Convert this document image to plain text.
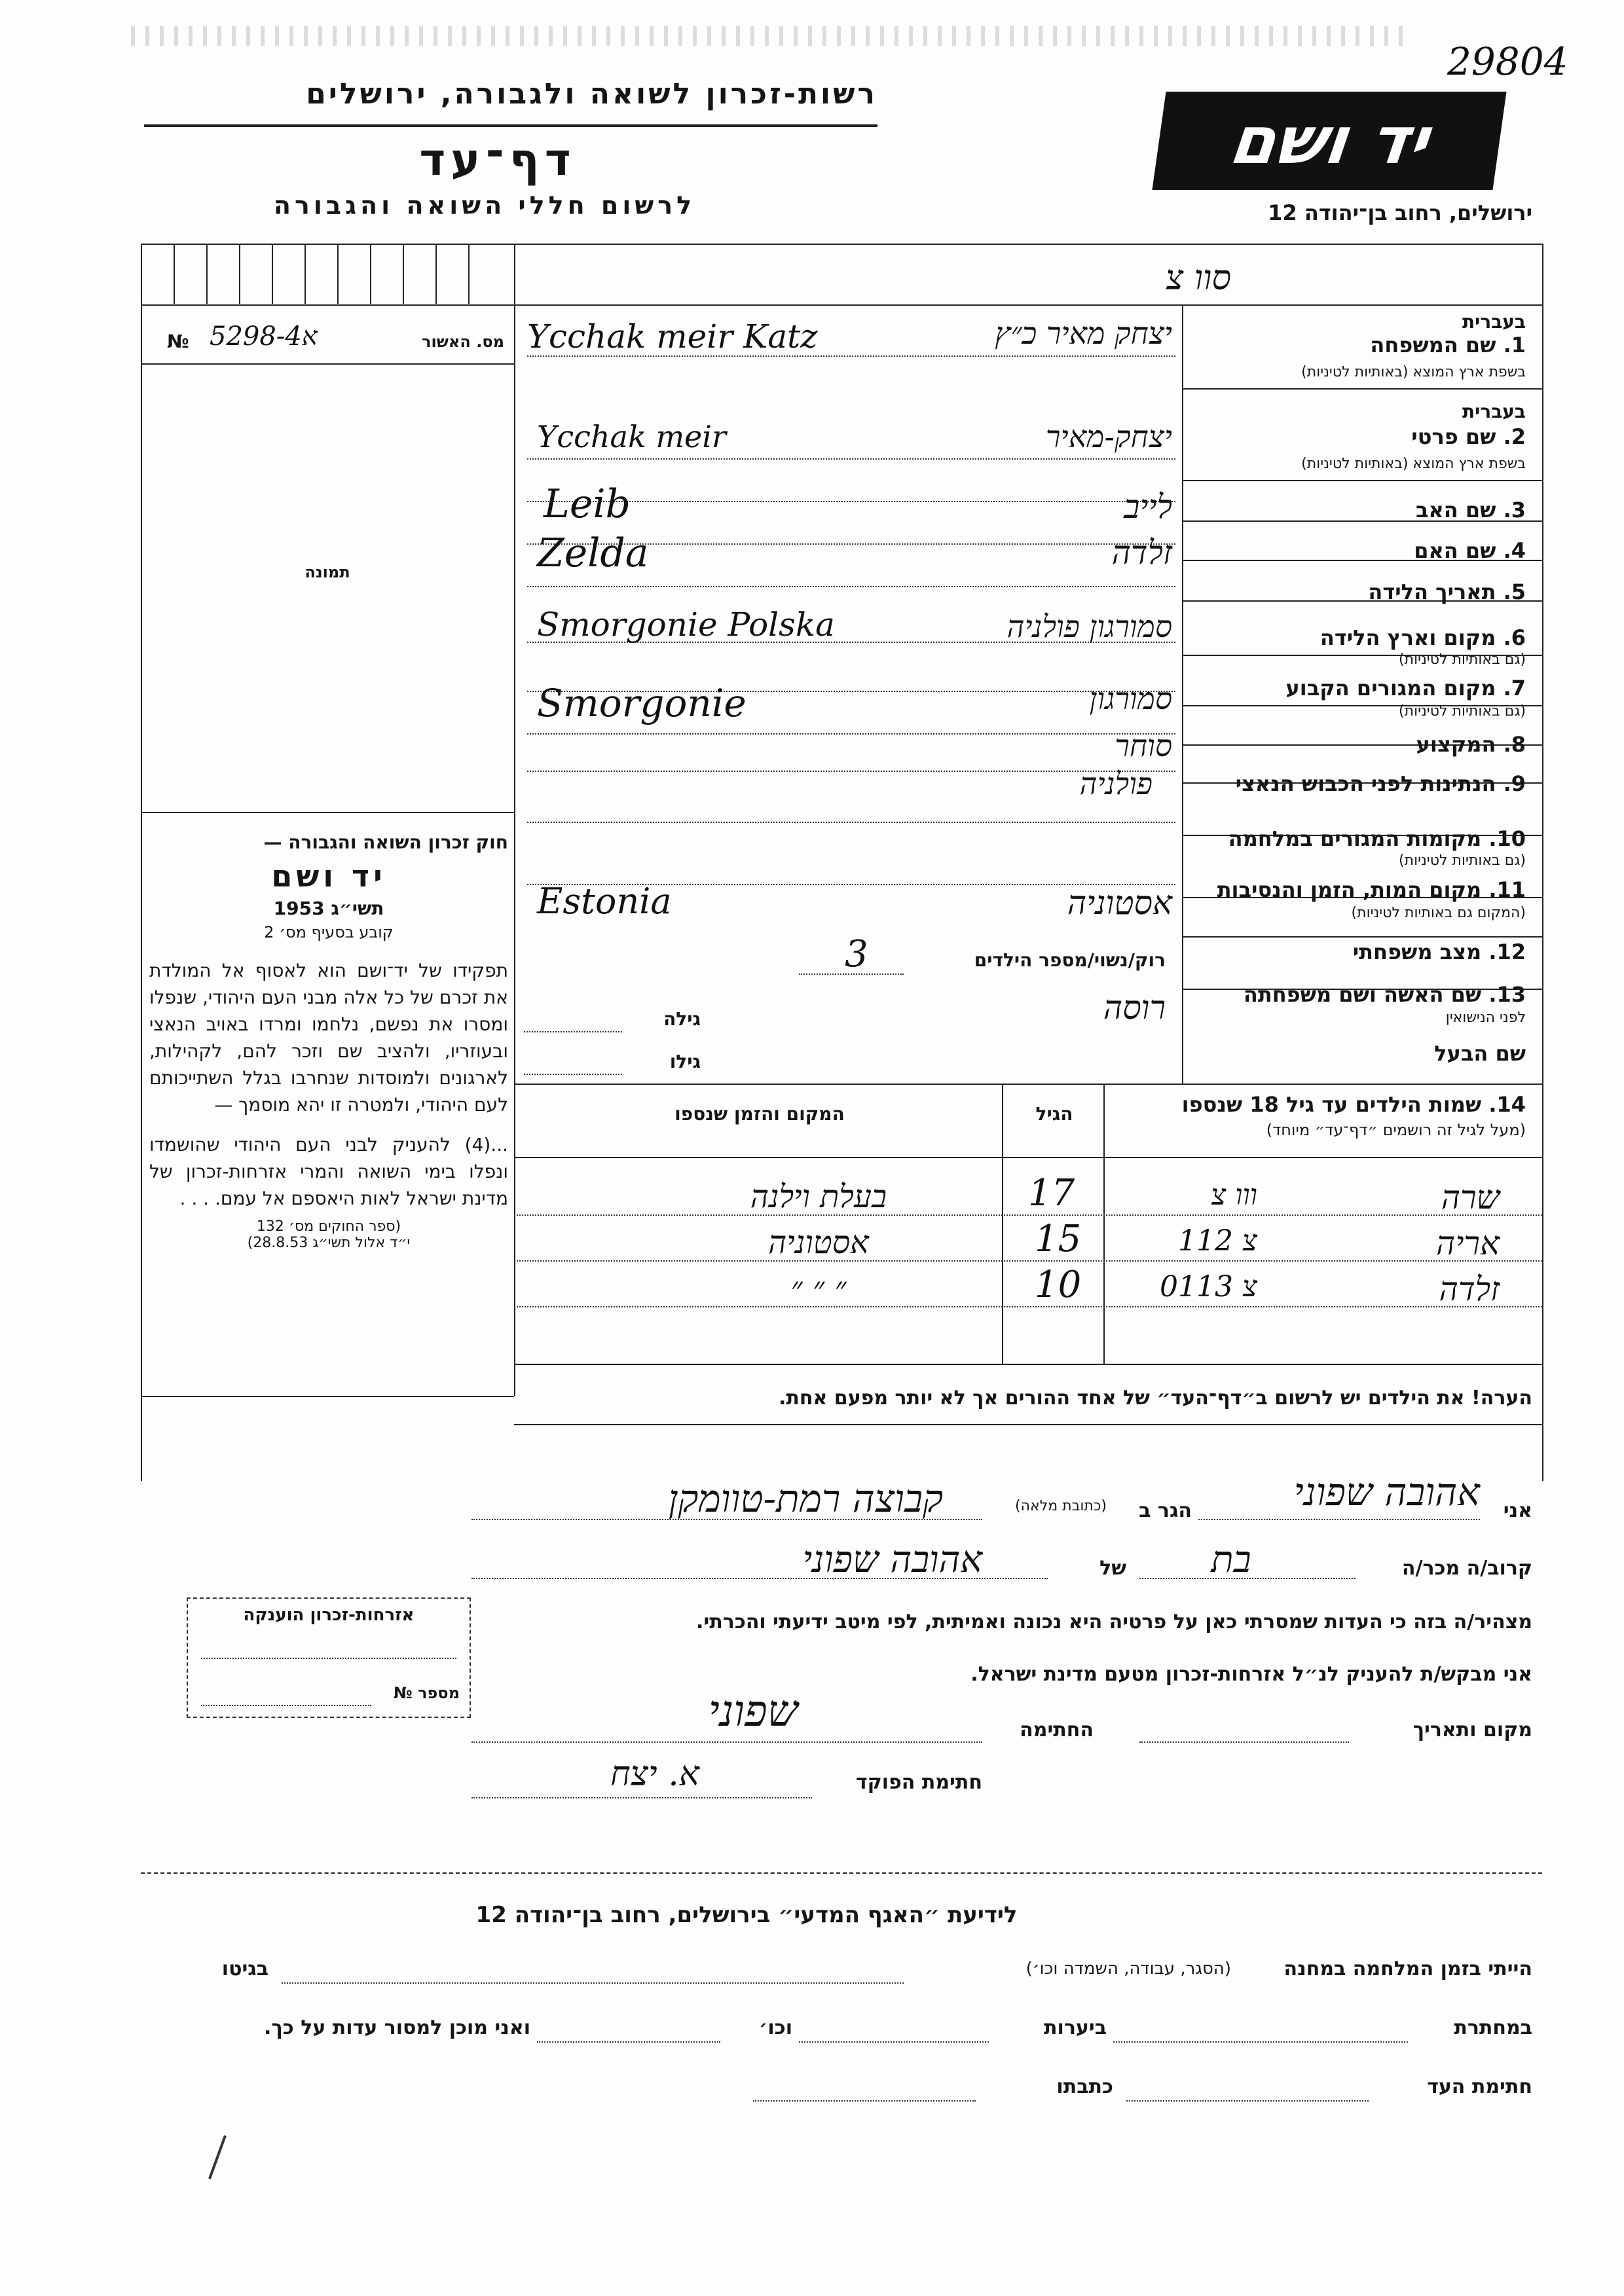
29804
רשות-זכרון לשואה ולגבורה, ירושלים
דף־עד
לרשום חללי השואה והגבורה
יד ושם
ירושלים, רחוב בן־יהודה 12
סוו צ
מס. האשור
5298-4א
№
תמונה
חוק זכרון השואה והגבורה —
יד ושם
תשי״ג 1953
קובע בסעיף מס׳ 2
תפקידו של יד־ושם הוא לאסוף אל המולדת את זכרם של כל אלה מבני העם היהודי, שנפלו ומסרו את נפשם, נלחמו ומרדו באויב הנאצי ובעוזריו, ולהציב שם וזכר להם, לקהילות, לארגונים ולמוסדות שנחרבו בגלל השתייכותם לעם היהודי, ולמטרה זו יהא מוסמך —
...(4) להעניק לבני העם היהודי שהושמדו ונפלו בימי השואה והמרי אזרחות-זכרון של מדינת ישראל לאות היאספם אל עמם. . . .
(ספר החוקים מס׳ 132
י״ד אלול תשי״ג 28.8.53)
בעברית
1. שם המשפחה
בשפת ארץ המוצא (באותיות לטיניות)
יצחק מאיר כ״ץ
Ycchak meir Katz
בעברית
2. שם פרטי
בשפת ארץ המוצא (באותיות לטיניות)
יצחק-מאיר
Ycchak meir
3. שם האב
לייב
Leib
4. שם האם
זלדה
Zelda
5. תאריך הלידה
6. מקום וארץ הלידה
(גם באותיות לטיניות)
סמורגון פולניה
Smorgonie Polska
7. מקום המגורים הקבוע
(גם באותיות לטיניות)
סמורגון
Smorgonie
8. המקצוע
סוחר
9. הנתינות לפני הכבוש הנאצי
פולניה
10. מקומות המגורים במלחמה
(גם באותיות לטיניות)
11. מקום המות, הזמן והנסיבות
(המקום גם באותיות לטיניות)
אסטוניה
Estonia
12. מצב משפחתי
רוק/נשוי/מספר הילדים
3
13. שם האשה ושם משפחתה
לפני הנישואין
רוסה
גילה
שם הבעל
גילו
14. שמות הילדים עד גיל 18 שנספו
(מעל לגיל זה רושמים ״דף־עד״ מיוחד)
הגיל
המקום והזמן שנספו
שרה
ווו צ
17
בעלת וילנה
אריה
צ 112
15
אסטוניה
זלדה
צ 0113
10
״ ״ ״
הערה! את הילדים יש לרשום ב״דף־העד״ של אחד ההורים אך לא יותר מפעם אחת.
אני
אהובה שפוני
הגר ב
(כתובת מלאה)
קבוצה רמת-טוומקן
קרוב/ה מכר/ה
בת
של
אהובה שפוני
מצהיר/ה בזה כי העדות שמסרתי כאן על פרטיה היא נכונה ואמיתית, לפי מיטב ידיעתי והכרתי.
אני מבקש/ת להעניק לנ״ל אזרחות-זכרון מטעם מדינת ישראל.
מקום ותאריך
החתימה
שפוני
חתימת הפוקד
א. יצח
אזרחות-זכרון הוענקה
מספר №
לידיעת ״האגף המדעי״ בירושלים, רחוב בן־יהודה 12
הייתי בזמן המלחמה במחנה
(הסגר, עבודה, השמדה וכו׳)
בגיטו
במחתרת
ביערות
וכו׳
ואני מוכן למסור עדות על כך.
חתימת העד
כתבתו
